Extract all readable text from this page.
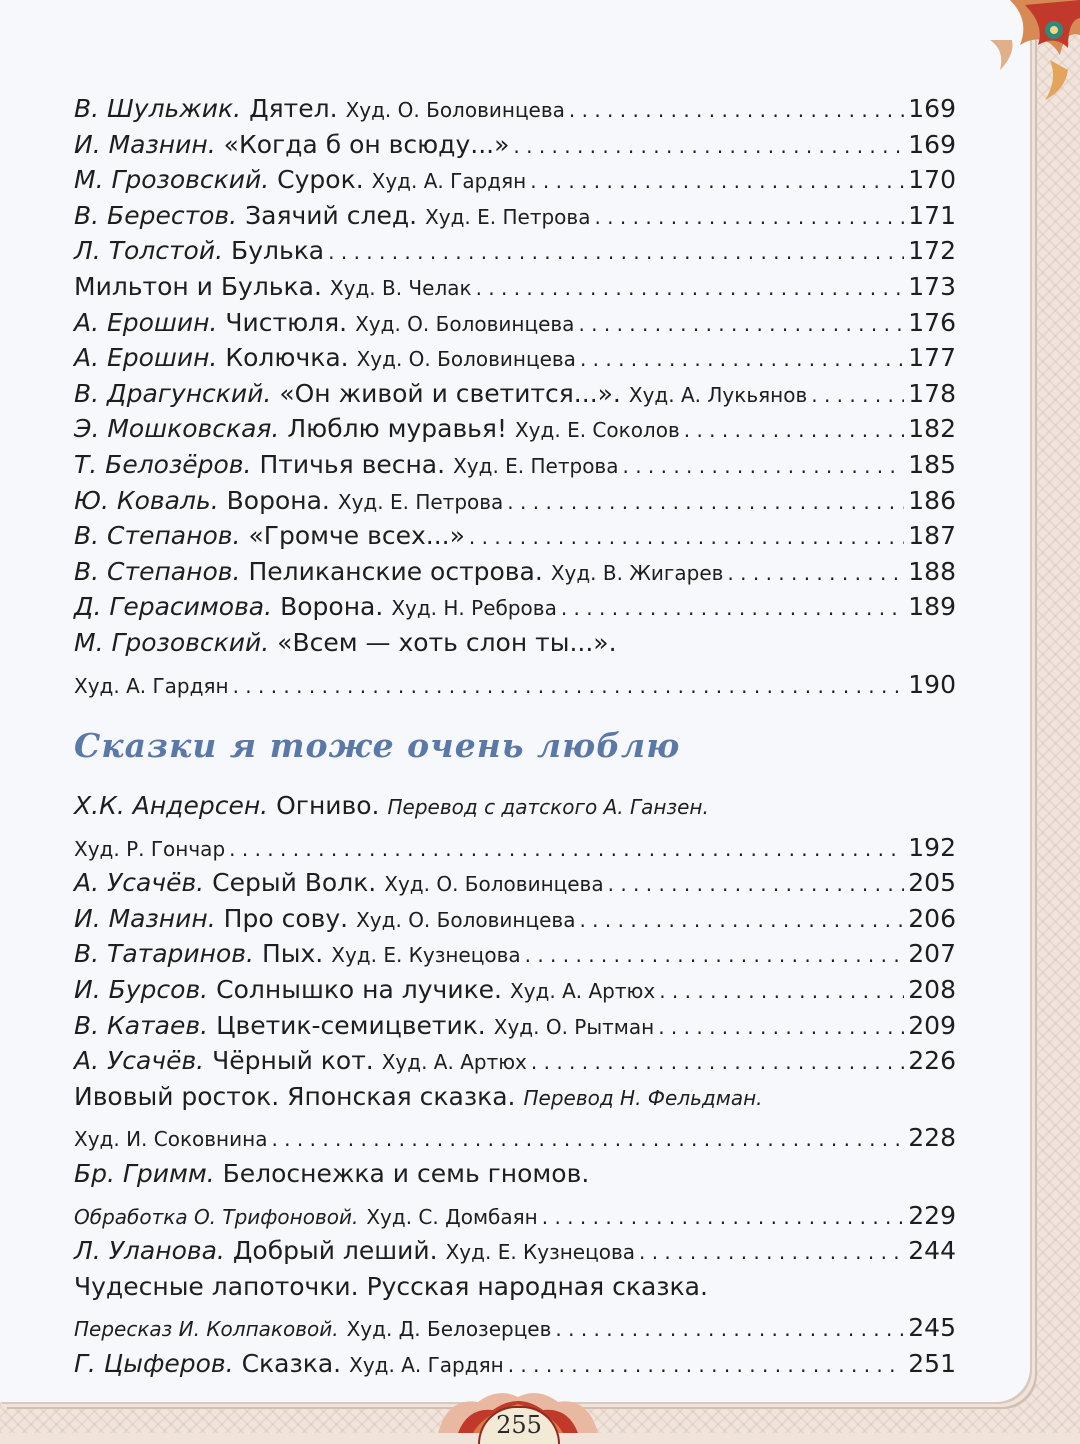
В. Шульжик. Дятел. Худ. О. Боловинцева . . .	169
И. Мазнин. «Когда б он всюду...» . . .	169
М. Грозовский. Сурок. Худ. А. Гардян . . .	170
В. Берестов. Заячий след. Худ. Е. Петрова . . .	171
Л. Толстой. Булька . . .	172
Мильтон и Булька. Худ. В. Челак . . .	173
А. Ерошин. Чистюля. Худ. О. Боловинцева . . .	176
А. Ерошин. Колючка. Худ. О. Боловинцева . . .	177
В. Драгунский. «Он живой и светится...». Худ. А. Лукьянов . . .	178
Э. Мошковская. Люблю муравья! Худ. Е. Соколов . . .	182
Т. Белозёров. Птичья весна. Худ. Е. Петрова . . .	185
Ю. Коваль. Ворона. Худ. Е. Петрова . . .	186
В. Степанов. «Громче всех...» . . .	187
В. Степанов. Пеликанские острова. Худ. В. Жигарев . . .	188
Д. Герасимова. Ворона. Худ. Н. Реброва . . .	189
М. Грозовский. «Всем — хоть слон ты...».
Худ. А. Гардян . . .	190
Х.К. Андерсен. Огниво. Перевод с датского А. Ганзен.
Худ. Р. Гончар . . .	192
А. Усачёв. Серый Волк. Худ. О. Боловинцева . . .	205
И. Мазнин. Про сову. Худ. О. Боловинцева . . .	206
В. Татаринов. Пых. Худ. Е. Кузнецова . . .	207
И. Бурсов. Солнышко на лучике. Худ. А. Артюх . . .	208
В. Катаев. Цветик-семицветик. Худ. О. Рытман . . .	209
А. Усачёв. Чёрный кот. Худ. А. Артюх . . .	226
Ивовый росток. Японская сказка. Перевод Н. Фельдман.
Худ. И. Соковнина . . .	228
Бр. Гримм. Белоснежка и семь гномов.
Обработка О. Трифоновой. Худ. С. Домбаян . . .	229
Л. Уланова. Добрый леший. Худ. Е. Кузнецова . . .	244
Чудесные лапоточки. Русская народная сказка.
Пересказ И. Колпаковой. Худ. Д. Белозерцев . . .	245
Г. Цыферов. Сказка. Худ. А. Гардян . . .	251
Сказки я тоже очень люблю
255
